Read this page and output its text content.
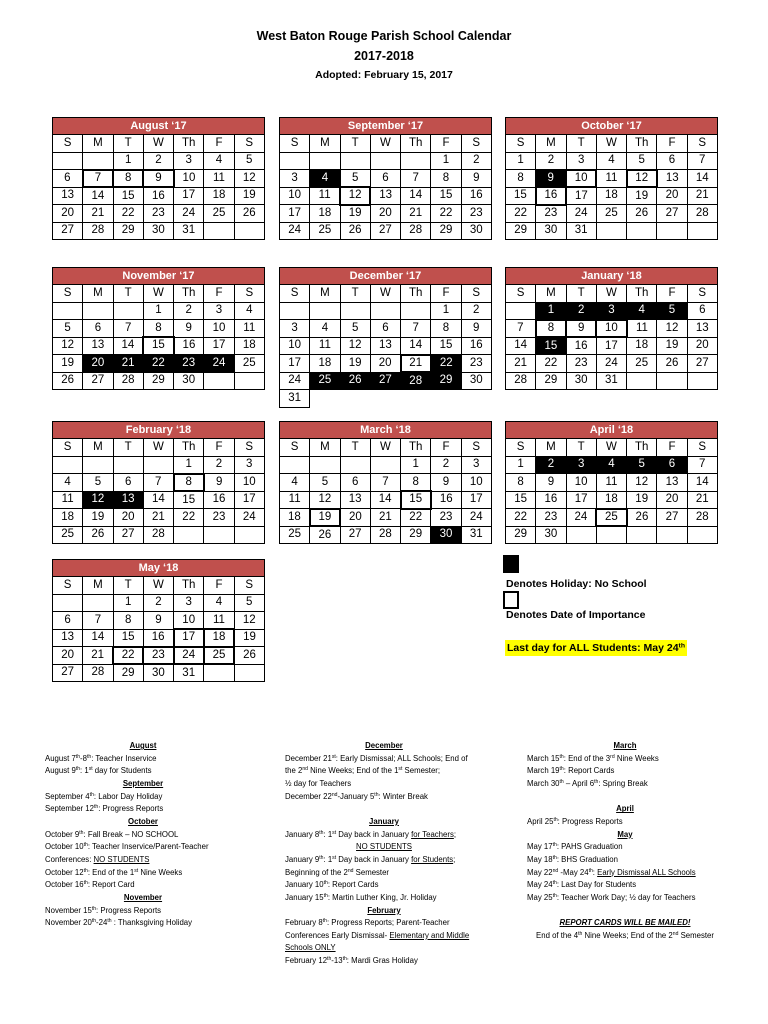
West Baton Rouge Parish School Calendar
2017-2018
Adopted: February 15, 2017
August ‘17						
S	M	T	W	Th	F	S
		1	2	3	4	5
6	7	8	9	10	11	12
13	14	15	16	17	18	19
20	21	22	23	24	25	26
27	28	29	30	31		
September ‘17						
S	M	T	W	Th	F	S
					1	2
3	4	5	6	7	8	9
10	11	12	13	14	15	16
17	18	19	20	21	22	23
24	25	26	27	28	29	30
October ‘17						
S	M	T	W	Th	F	S
1	2	3	4	5	6	7
8	9	10	11	12	13	14
15	16	17	18	19	20	21
22	23	24	25	26	27	28
29	30	31				
November ‘17						
S	M	T	W	Th	F	S
			1	2	3	4
5	6	7	8	9	10	11
12	13	14	15	16	17	18
19	20	21	22	23	24	25
26	27	28	29	30		
December ‘17						
S	M	T	W	Th	F	S
					1	2
3	4	5	6	7	8	9
10	11	12	13	14	15	16
17	18	19	20	21	22	23
24	25	26	27	28	29	30
31						
January ‘18						
S	M	T	W	Th	F	S
	1	2	3	4	5	6
7	8	9	10	11	12	13
14	15	16	17	18	19	20
21	22	23	24	25	26	27
28	29	30	31			
February ‘18						
S	M	T	W	Th	F	S
				1	2	3
4	5	6	7	8	9	10
11	12	13	14	15	16	17
18	19	20	21	22	23	24
25	26	27	28			
March ‘18						
S	M	T	W	Th	F	S
				1	2	3
4	5	6	7	8	9	10
11	12	13	14	15	16	17
18	19	20	21	22	23	24
25	26	27	28	29	30	31
April ‘18						
S	M	T	W	Th	F	S
1	2	3	4	5	6	7
8	9	10	11	12	13	14
15	16	17	18	19	20	21
22	23	24	25	26	27	28
29	30					
May ‘18						
S	M	T	W	Th	F	S
		1	2	3	4	5
6	7	8	9	10	11	12
13	14	15	16	17	18	19
20	21	22	23	24	25	26
27	28	29	30	31		
Denotes Holiday: No School
Denotes Date of Importance
Last day for ALL Students: May 24th
August
August 7th-8th: Teacher Inservice
August 9th: 1st day for Students
September
September 4th: Labor Day Holiday
September 12th: Progress Reports
October
October 9th: Fall Break – NO SCHOOL
October 10th: Teacher Inservice/Parent-Teacher
Conferences: NO STUDENTS
October 12th: End of the 1st Nine Weeks
October 16th: Report Card
November
November 15th: Progress Reports
November 20th-24th : Thanksgiving Holiday
December
December 21st: Early Dismissal; ALL Schools; End of
the 2nd Nine Weeks; End of the 1st Semester;
½ day for Teachers
December 22nd-January 5th: Winter Break
January
January 8th: 1st Day back in January for Teachers;
NO STUDENTS
January 9th: 1st Day back in January for Students;
Beginning of the 2nd Semester
January 10th: Report Cards
January 15th: Martin Luther King, Jr. Holiday
February
February 8th: Progress Reports; Parent-Teacher
Conferences Early Dismissal- Elementary and Middle
Schools ONLY
February 12th-13th: Mardi Gras Holiday
March
March 15th: End of the 3rd Nine Weeks
March 19th: Report Cards
March 30th – April 6th: Spring Break
April
April 25th: Progress Reports
May
May 17th: PAHS Graduation
May 18th: BHS Graduation
May 22nd -May 24th: Early Dismissal ALL Schools
May 24th: Last Day for Students
May 25th: Teacher Work Day; ½ day for Teachers
REPORT CARDS WILL BE MAILED!
End of the 4th Nine Weeks; End of the 2nd Semester
